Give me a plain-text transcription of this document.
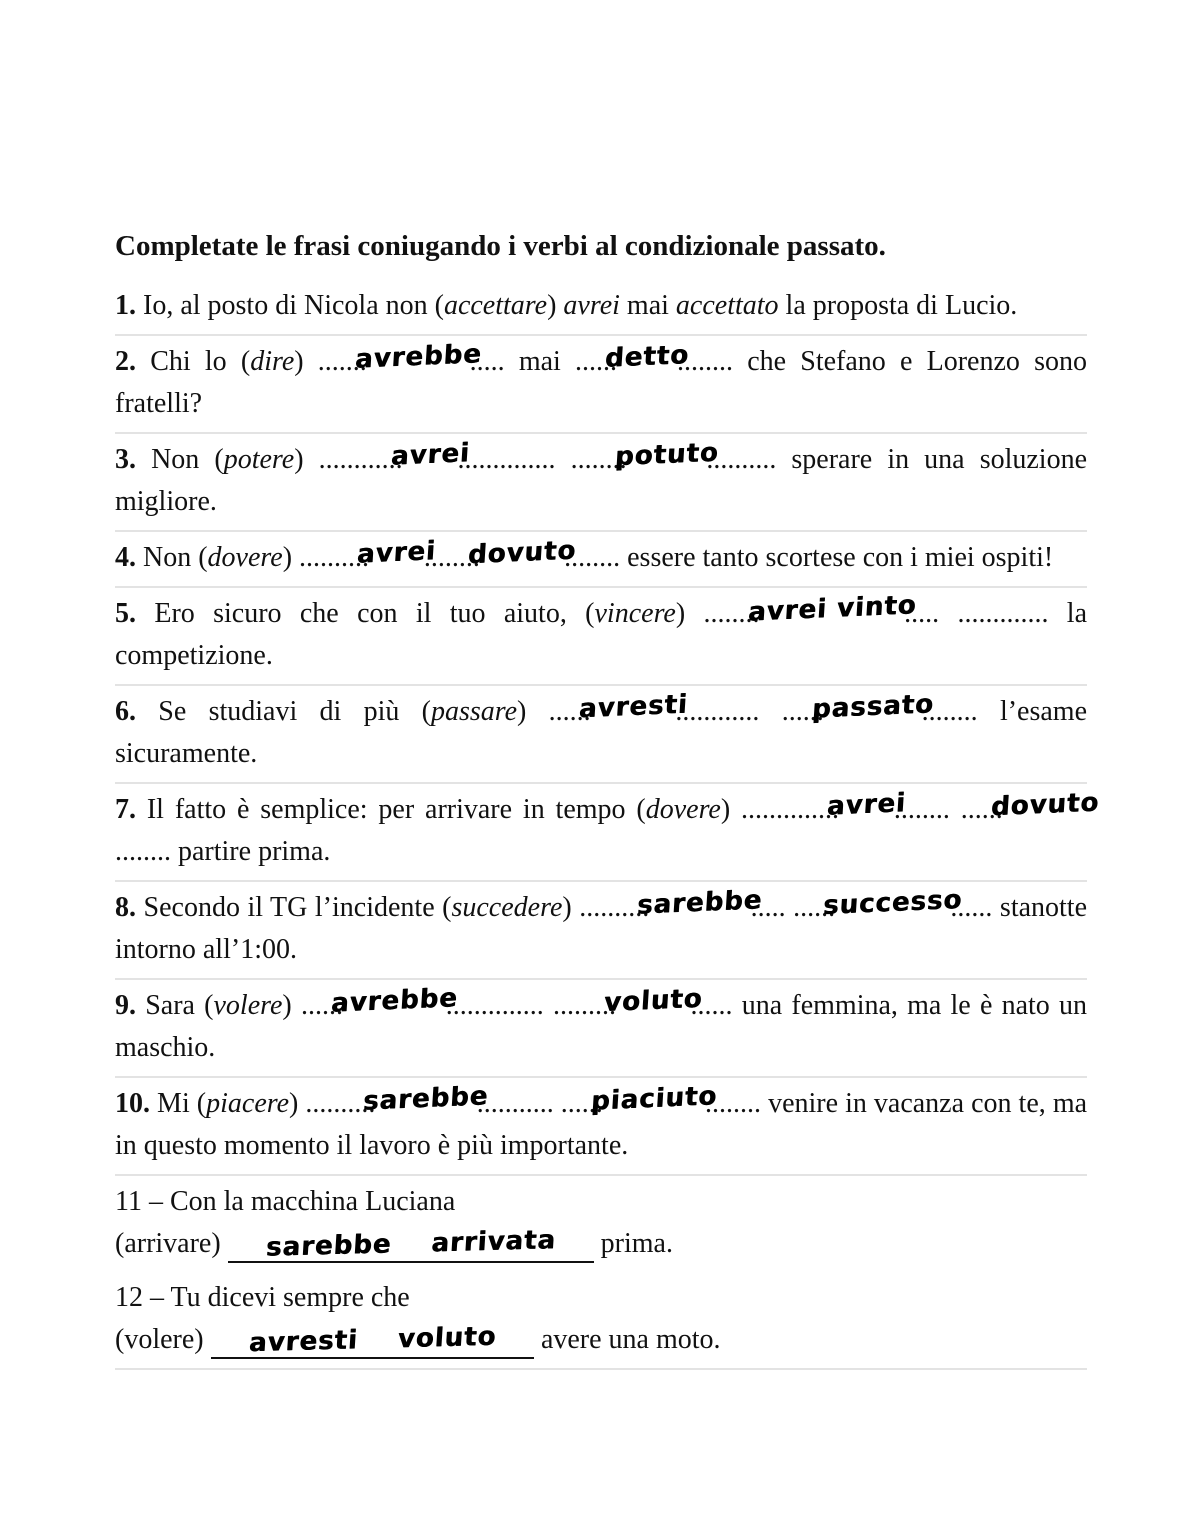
Completate le frasi coniugando i verbi al condizionale passato.

1. Io, al posto di Nicola non (accettare) avrei mai accettato la proposta di Lucio.

2. Chi lo (dire) .......avrebbe..... mai ......detto........ che Stefano e Lorenzo sono fratelli?

3. Non (potere) ............avrei.............. ........potuto.......... sperare in una soluzione migliore.

4. Non (dovere) ..........avrei........dovuto........ essere tanto scortese con i miei ospiti!

5. Ero sicuro che con il tuo aiuto, (vincere) ........avrei vinto..... ............. la competizione.

6. Se studiavi di più (passare) ......avresti............ ......passato........ l’esame sicuramente.

7. Il fatto è semplice: per arrivare in tempo (dovere) ..............avrei........ ......dovuto........ partire prima.

8. Secondo il TG l’incidente (succedere) ..........sarebbe..... ......successo...... stanotte intorno all’1:00.

9. Sara (volere) ......avrebbe.............. .........voluto...... una femmina, ma le è nato un maschio.

10. Mi (piacere) ..........sarebbe........... ......piaciuto........ venire in vacanza con te, ma in questo momento il lavoro è più importante.

11 – Con la macchina Luciana
(arrivare) sarebbe arrivata prima.

12 – Tu dicevi sempre che
(volere) avresti voluto avere una moto.
